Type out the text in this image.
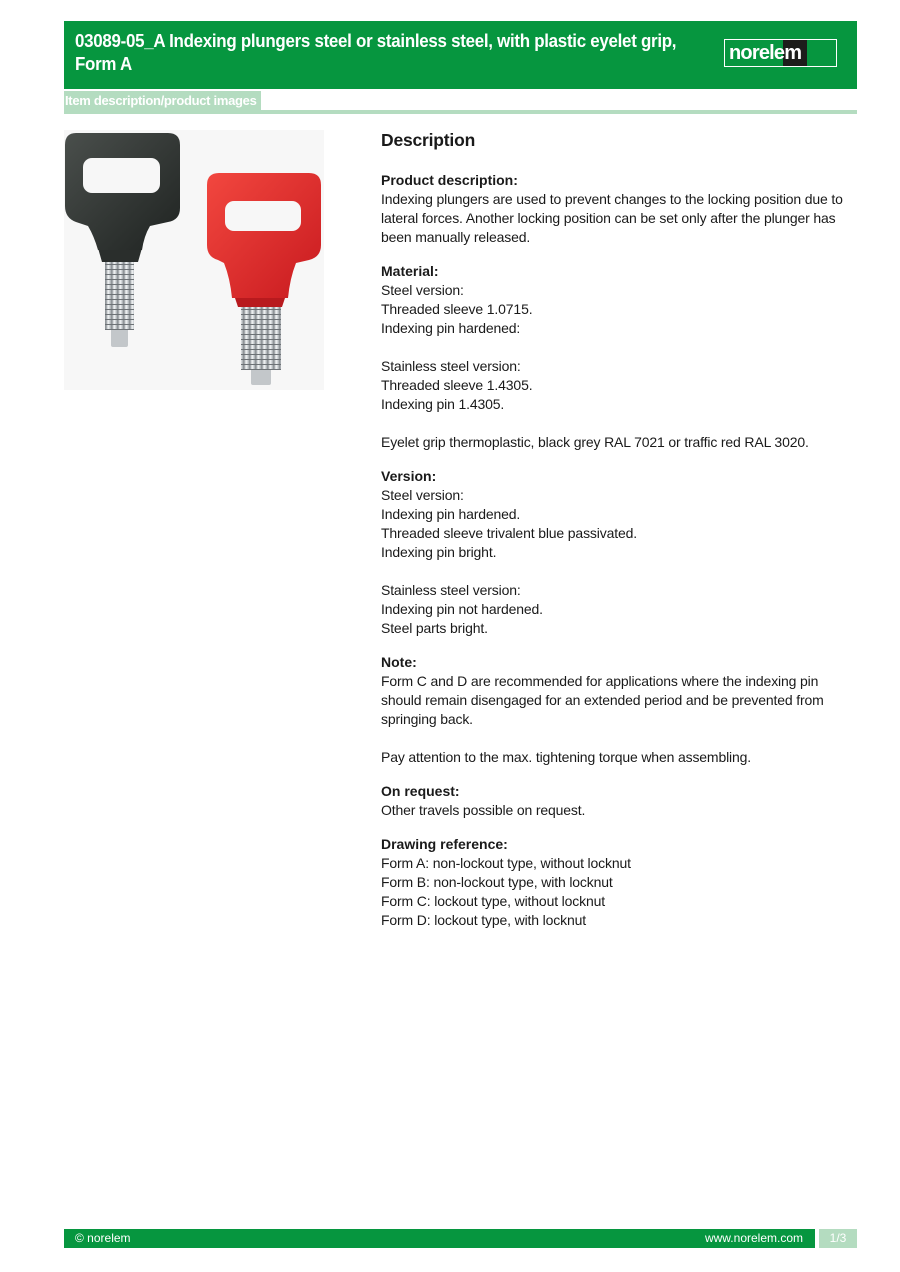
03089-05_A Indexing plungers steel or stainless steel, with plastic eyelet grip, Form A	norelem
Item description/product images
Description
Product description:
Indexing plungers are used to prevent changes to the locking position due to lateral forces. Another locking position can be set only after the plunger has been manually released.
Material:
Steel version:
Threaded sleeve 1.0715.
Indexing pin hardened:
Stainless steel version:
Threaded sleeve 1.4305.
Indexing pin 1.4305.
Eyelet grip thermoplastic, black grey RAL 7021 or traffic red RAL 3020.
Version:
Steel version:
Indexing pin hardened.
Threaded sleeve trivalent blue passivated.
Indexing pin bright.
Stainless steel version:
Indexing pin not hardened.
Steel parts bright.
Note:
Form C and D are recommended for applications where the indexing pin should remain disengaged for an extended period and be prevented from springing back.
Pay attention to the max. tightening torque when assembling.
On request:
Other travels possible on request.
Drawing reference:
Form A: non-lockout type, without locknut
Form B: non-lockout type, with locknut
Form C: lockout type, without locknut
Form D: lockout type, with locknut
© norelem	www.norelem.com	1/3
